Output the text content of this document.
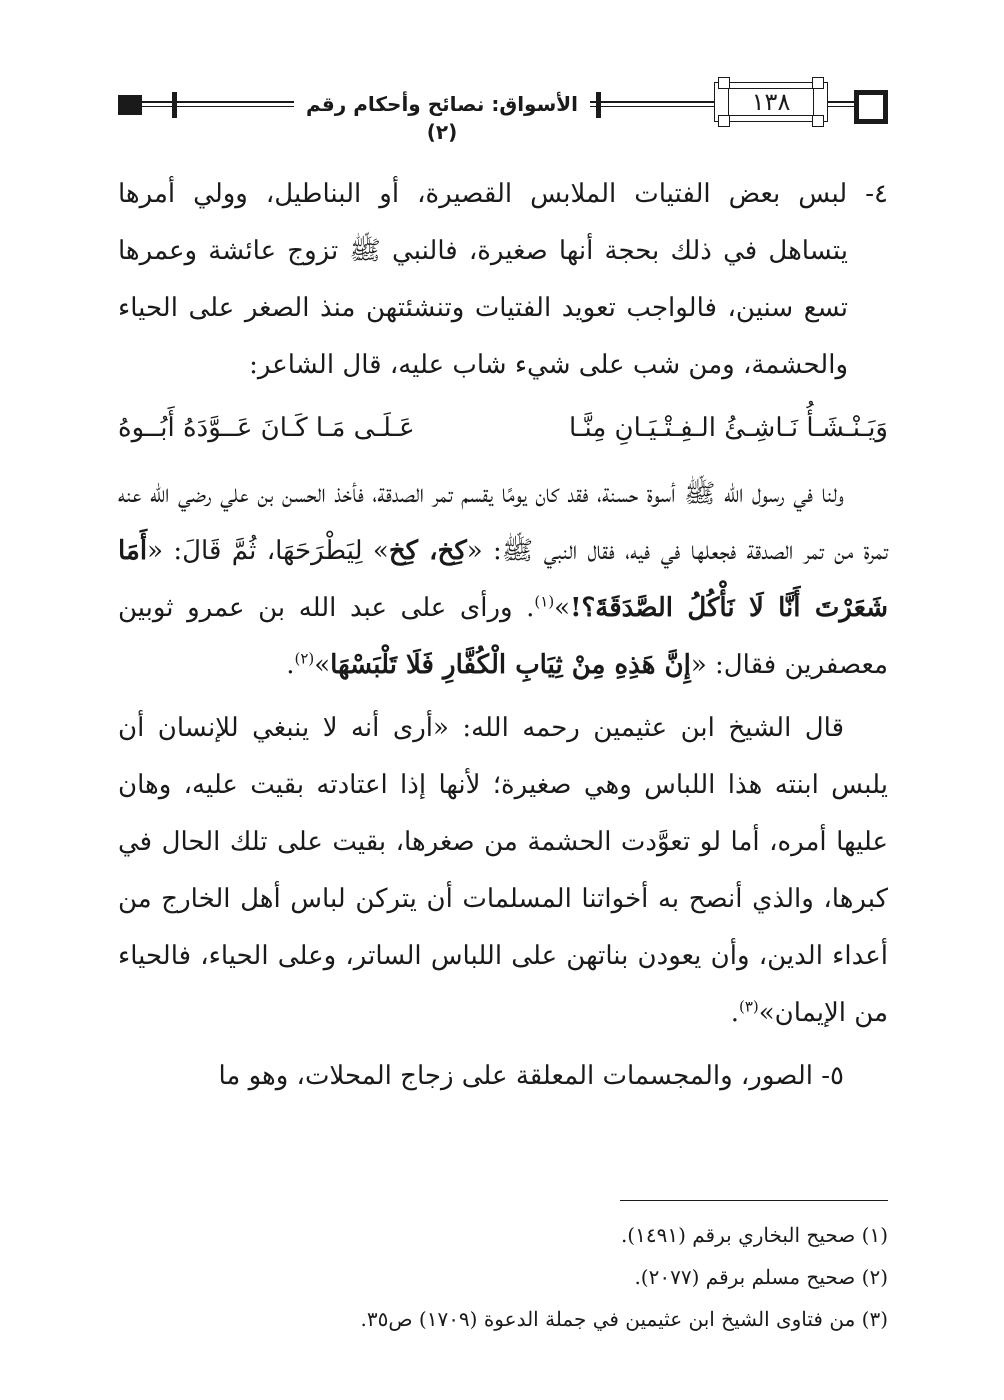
الأسواق: نصائح وأحكام رقم (٢)
١٣٨

٤- لبس بعض الفتيات الملابس القصيرة، أو البناطيل، وولي أمرها يتساهل في ذلك بحجة أنها صغيرة، فالنبي ﷺ تزوج عائشة وعمرها تسع سنين، فالواجب تعويد الفتيات وتنشئتهن منذ الصغر على الحياء والحشمة، ومن شب على شيء شاب عليه، قال الشاعر:

وَيَـنْـشَـأُ نَـاشِـئُ الـفِـتْـيَـانِ مِنَّـا
عَـلَـى مَـا كَـانَ عَــوَّدَهُ أَبُــوهُ

ولنا في رسول الله ﷺ أسوة حسنة، فقد كان يومًا يقسم تمر الصدقة، فأخذ الحسن بن علي رضي الله عنه تمرة من تمر الصدقة فجعلها في فيه، فقال النبي ﷺ: «كِخ، كِخ» لِيَطْرَحَهَا، ثُمَّ قَالَ: «أَمَا شَعَرْتَ أَنَّا لَا نَأْكُلُ الصَّدَقَةَ؟!»$^{(١)}$. ورأى على عبد الله بن عمرو ثوبين معصفرين فقال: «إِنَّ هَذِهِ مِنْ ثِيَابِ الْكُفَّارِ فَلَا تَلْبَسْهَا»$^{(٢)}$.

قال الشيخ ابن عثيمين رحمه الله: «أرى أنه لا ينبغي للإنسان أن يلبس ابنته هذا اللباس وهي صغيرة؛ لأنها إذا اعتادته بقيت عليه، وهان عليها أمره، أما لو تعوَّدت الحشمة من صغرها، بقيت على تلك الحال في كبرها، والذي أنصح به أخواتنا المسلمات أن يتركن لباس أهل الخارج من أعداء الدين، وأن يعودن بناتهن على اللباس الساتر، وعلى الحياء، فالحياء من الإيمان»$^{(٣)}$.

٥- الصور، والمجسمات المعلقة على زجاج المحلات، وهو ما

(١) صحيح البخاري برقم (١٤٩١).

(٢) صحيح مسلم برقم (٢٠٧٧).

(٣) من فتاوى الشيخ ابن عثيمين في جملة الدعوة (١٧٠٩) ص٣٥.
